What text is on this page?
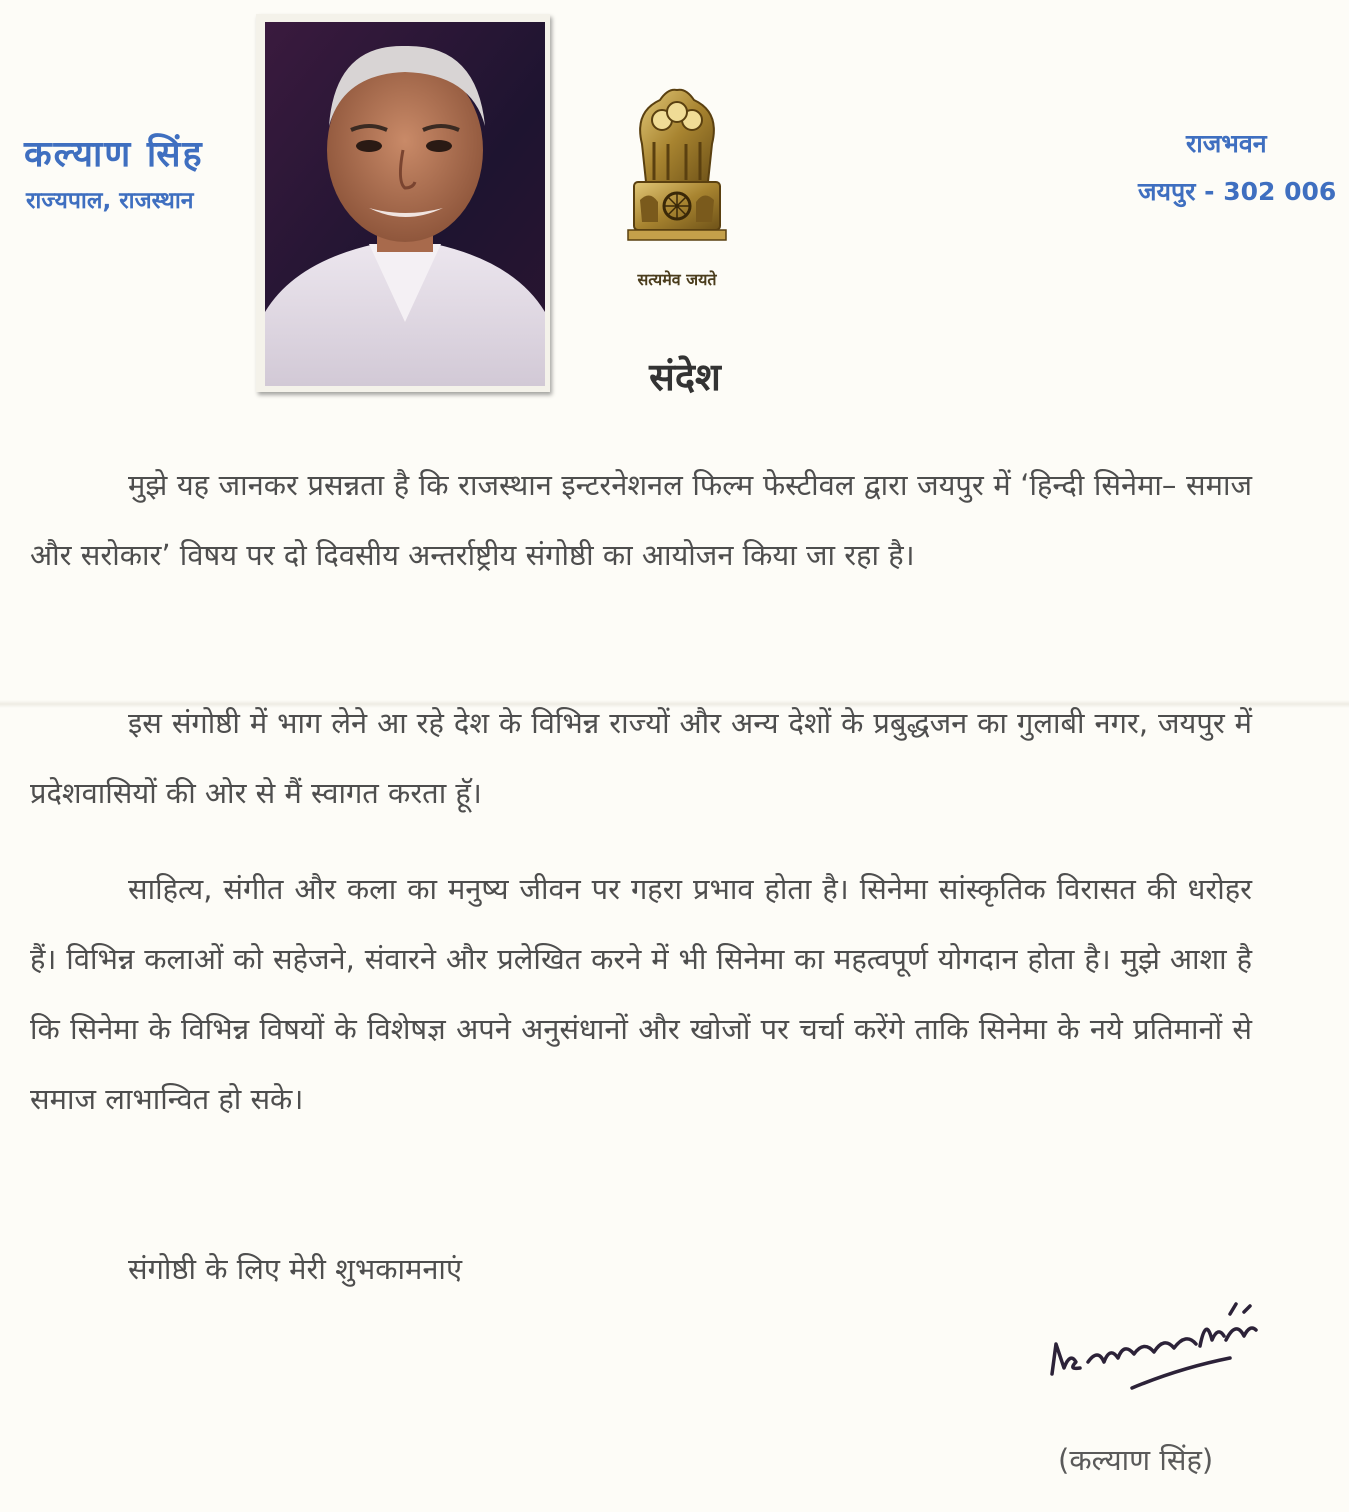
कल्याण सिंह
राज्यपाल, राजस्थान
सत्यमेव जयते
राजभवन
जयपुर - 302 006
संदेश

मुझे यह जानकर प्रसन्नता है कि राजस्थान इन्टरनेशनल फिल्म फेस्टीवल द्वारा जयपुर में ‘हिन्दी सिनेमा– समाज और सरोकार’ विषय पर दो दिवसीय अन्तर्राष्ट्रीय संगोष्ठी का आयोजन किया जा रहा है।

इस संगोष्ठी में भाग लेने आ रहे देश के विभिन्न राज्यों और अन्य देशों के प्रबुद्धजन का गुलाबी नगर, जयपुर में प्रदेशवासियों की ओर से मैं स्वागत करता हूॅ।

साहित्य, संगीत और कला का मनुष्य जीवन पर गहरा प्रभाव होता है। सिनेमा सांस्कृतिक विरासत की धरोहर हैं। विभिन्न कलाओं को सहेजने, संवारने और प्रलेखित करने में भी सिनेमा का महत्वपूर्ण योगदान होता है। मुझे आशा है कि सिनेमा के विभिन्न विषयों के विशेषज्ञ अपने अनुसंधानों और खोजों पर चर्चा करेंगे ताकि सिनेमा के नये प्रतिमानों से समाज लाभान्वित हो सके।

संगोष्ठी के लिए मेरी शुभकामनाएं
(कल्याण सिंह)
